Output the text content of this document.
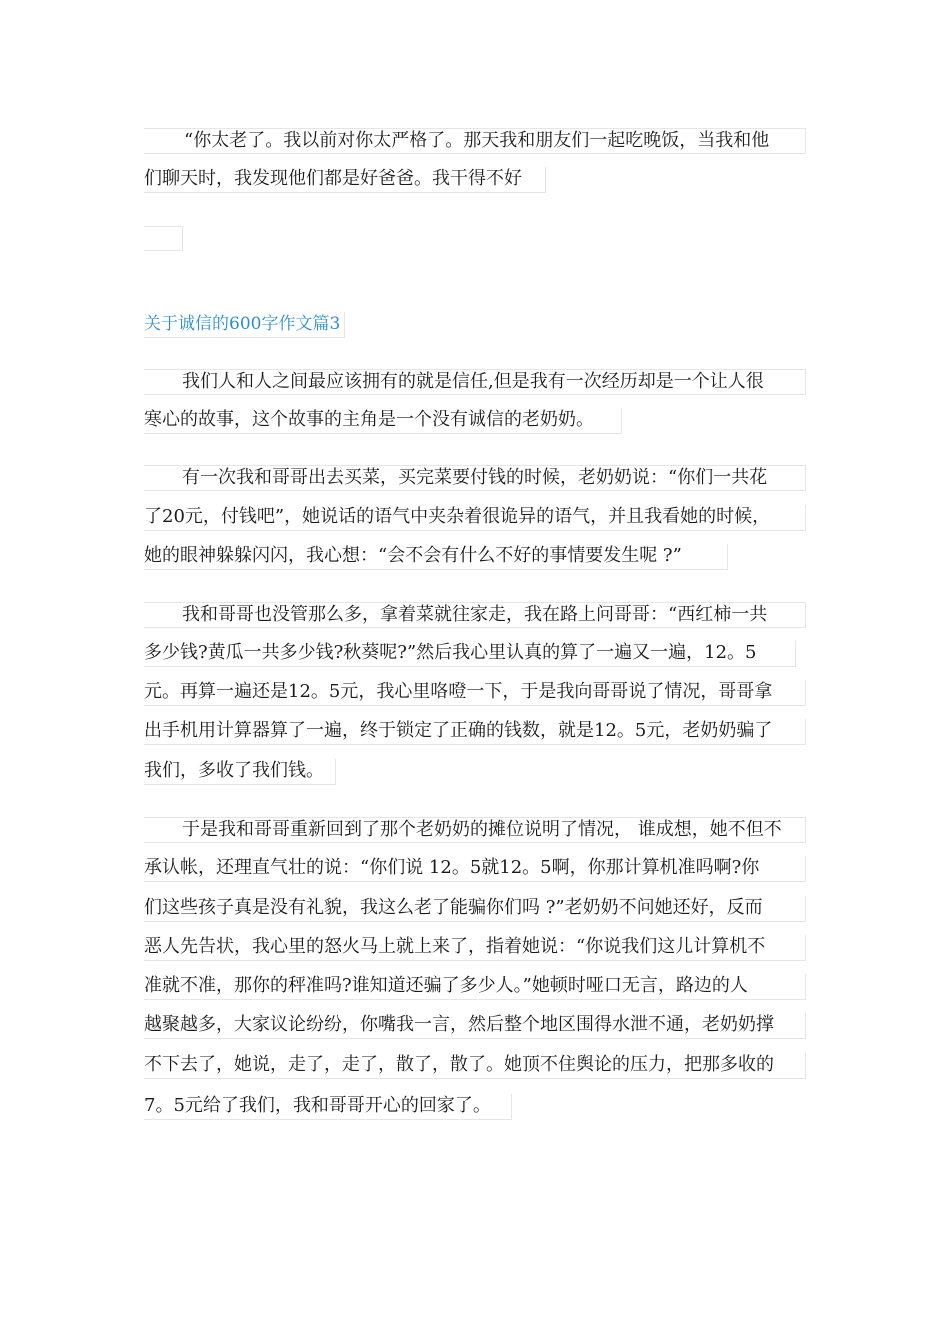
“你太老了。我以前对你太严格了。那天我和朋友们一起吃晚饭，当我和他
们聊天时，我发现他们都是好爸爸。我干得不好
关于诚信的600字作文篇3
我们人和人之间最应该拥有的就是信任,但是我有一次经历却是一个让人很
寒心的故事，这个故事的主角是一个没有诚信的老奶奶。
有一次我和哥哥出去买菜，买完菜要付钱的时候，老奶奶说：“你们一共花
了20元，付钱吧”，她说话的语气中夹杂着很诡异的语气，并且我看她的时候，
她的眼神躲躲闪闪，我心想：“会不会有什么不好的事情要发生呢 ?”
我和哥哥也没管那么多，拿着菜就往家走，我在路上问哥哥：“西红柿一共
多少钱?黄瓜一共多少钱?秋葵呢?”然后我心里认真的算了一遍又一遍，12。5
元。再算一遍还是12。5元，我心里咯噔一下，于是我向哥哥说了情况，哥哥拿
出手机用计算器算了一遍，终于锁定了正确的钱数，就是12。5元，老奶奶骗了
我们，多收了我们钱。
于是我和哥哥重新回到了那个老奶奶的摊位说明了情况， 谁成想，她不但不
承认帐，还理直气壮的说：“你们说 12。5就12。5啊，你那计算机准吗啊?你
们这些孩子真是没有礼貌，我这么老了能骗你们吗 ?”老奶奶不问她还好，反而
恶人先告状，我心里的怒火马上就上来了，指着她说：“你说我们这儿计算机不
准就不准，那你的秤准吗?谁知道还骗了多少人。”她顿时哑口无言，路边的人
越聚越多，大家议论纷纷，你嘴我一言，然后整个地区围得水泄不通，老奶奶撑
不下去了，她说，走了，走了，散了，散了。她顶不住舆论的压力，把那多收的
7。5元给了我们，我和哥哥开心的回家了。
